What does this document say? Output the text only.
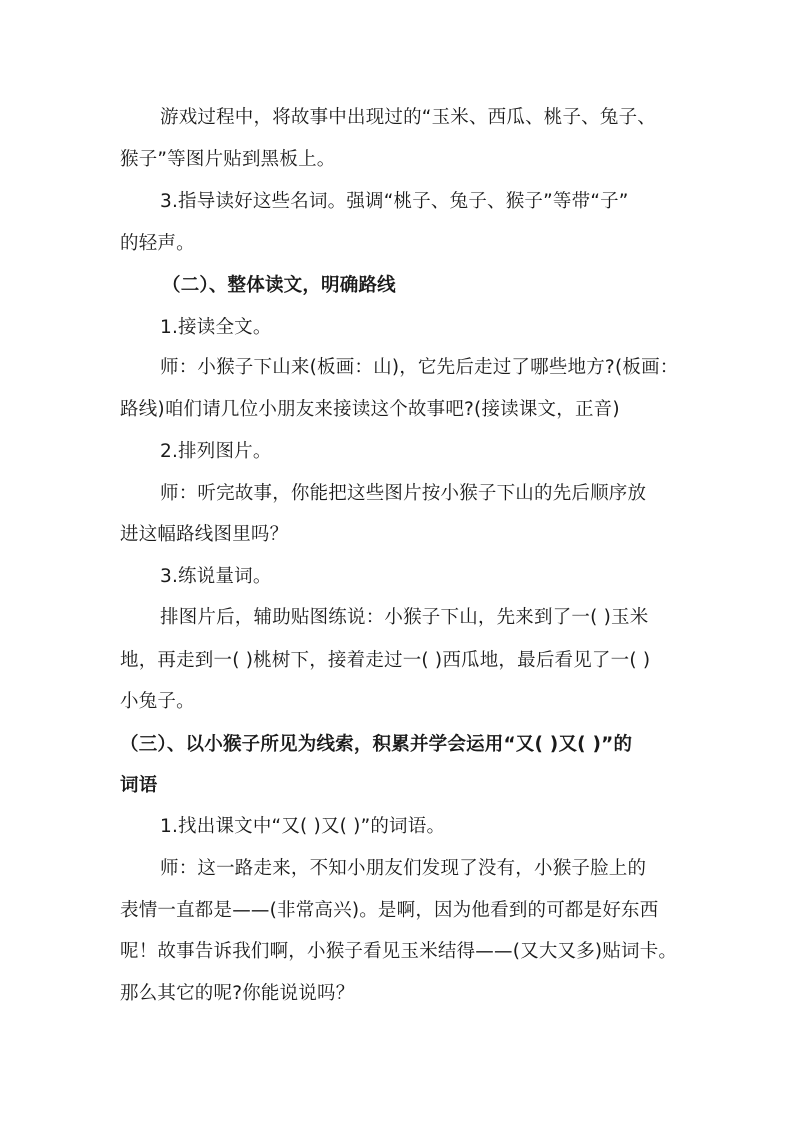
游戏过程中，将故事中出现过的“玉米、西瓜、桃子、兔子、
猴子”等图片贴到黑板上。
3.指导读好这些名词。强调“桃子、兔子、猴子”等带“子”
的轻声。
（二）、整体读文，明确路线
1.接读全文。
师：小猴子下山来(板画：山)，它先后走过了哪些地方?(板画：
路线)咱们请几位小朋友来接读这个故事吧?(接读课文，正音)
2.排列图片。
师：听完故事，你能把这些图片按小猴子下山的先后顺序放
进这幅路线图里吗？
3.练说量词。
排图片后，辅助贴图练说：小猴子下山，先来到了一( )玉米
地，再走到一( )桃树下，接着走过一( )西瓜地，最后看见了一( )
小兔子。
（三）、以小猴子所见为线索，积累并学会运用“又( )又( )”的
词语
1.找出课文中“又( )又( )”的词语。
师：这一路走来，不知小朋友们发现了没有，小猴子脸上的
表情一直都是——(非常高兴)。是啊，因为他看到的可都是好东西
呢！故事告诉我们啊，小猴子看见玉米结得——(又大又多)贴词卡。
那么其它的呢?你能说说吗？
